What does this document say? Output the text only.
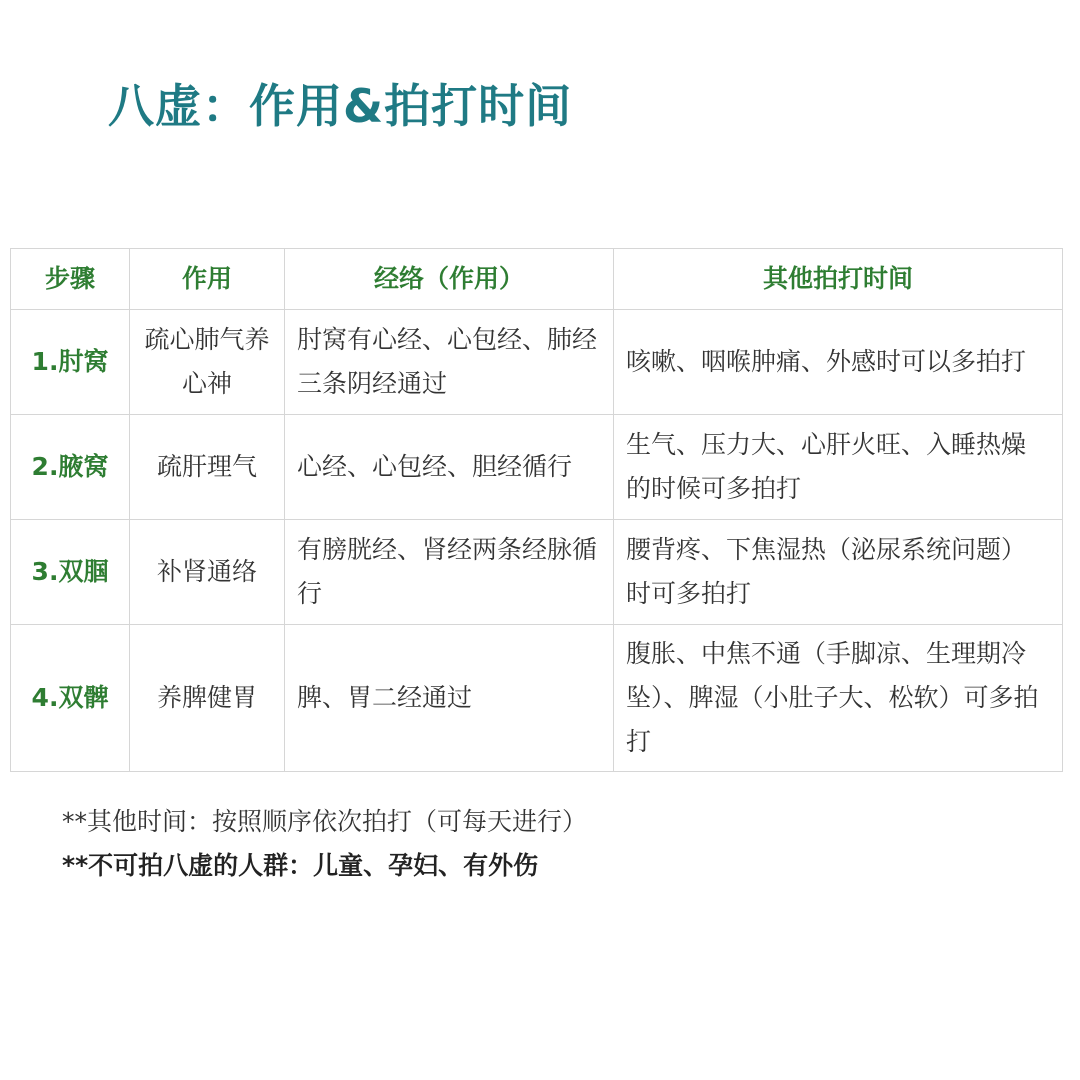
八虚：作用&拍打时间
步骤	作用	经络（作用）	其他拍打时间
1.肘窝	疏心肺气养心神	肘窝有心经、心包经、肺经三条阴经通过	咳嗽、咽喉肿痛、外感时可以多拍打
2.腋窝	疏肝理气	心经、心包经、胆经循行	生气、压力大、心肝火旺、入睡热燥的时候可多拍打
3.双腘	补肾通络	有膀胱经、肾经两条经脉循行	腰背疼、下焦湿热（泌尿系统问题）时可多拍打
4.双髀	养脾健胃	脾、胃二经通过	腹胀、中焦不通（手脚凉、生理期冷坠）、脾湿（小肚子大、松软）可多拍打
**其他时间：按照顺序依次拍打（可每天进行）
**不可拍八虚的人群：儿童、孕妇、有外伤
